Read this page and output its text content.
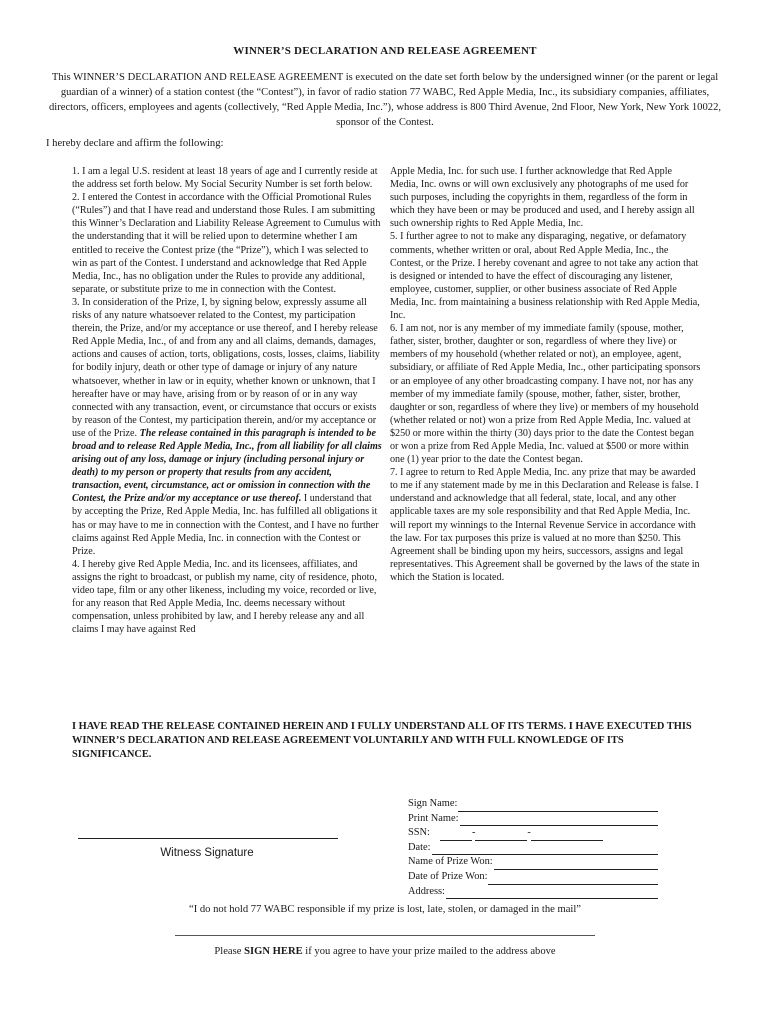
WINNER’S DECLARATION AND RELEASE AGREEMENT
This WINNER’S DECLARATION AND RELEASE AGREEMENT is executed on the date set forth below by the undersigned winner (or the parent or legal guardian of a winner) of a station contest (the “Contest”), in favor of radio station 77 WABC, Red Apple Media, Inc., its subsidiary companies, affiliates, directors, officers, employees and agents (collectively, “Red Apple Media, Inc.”), whose address is 800 Third Avenue, 2nd Floor, New York, New York 10022, sponsor of the Contest.
I hereby declare and affirm the following:

1. I am a legal U.S. resident at least 18 years of age and I currently reside at the address set forth below. My Social Security Number is set forth below.

2. I entered the Contest in accordance with the Official Promotional Rules (“Rules”) and that I have read and understand those Rules. I am submitting this Winner’s Declaration and Liability Release Agreement to Cumulus with the understanding that it will be relied upon to determine whether I am entitled to receive the Contest prize (the “Prize”), which I was selected to win as part of the Contest. I understand and acknowledge that Red Apple Media, Inc., has no obligation under the Rules to provide any additional, separate, or substitute prize to me in connection with the Contest.

3. In consideration of the Prize, I, by signing below, expressly assume all risks of any nature whatsoever related to the Contest, my participation therein, the Prize, and/or my acceptance or use thereof, and I hereby release Red Apple Media, Inc., of and from any and all claims, demands, damages, actions and causes of action, torts, obligations, costs, losses, claims, liability for bodily injury, death or other type of damage or injury of any nature whatsoever, whether in law or in equity, whether known or unknown, that I hereafter have or may have, arising from or by reason of or in any way connected with any transaction, event, or circumstance that occurs or exists by reason of the Contest, my participation therein, and/or my acceptance or use of the Prize. The release contained in this paragraph is intended to be broad and to release Red Apple Media, Inc., from all liability for all claims arising out of any loss, damage or injury (including personal injury or death) to my person or property that results from any accident, transaction, event, circumstance, act or omission in connection with the Contest, the Prize and/or my acceptance or use thereof. I understand that by accepting the Prize, Red Apple Media, Inc. has fulfilled all obligations it has or may have to me in connection with the Contest, and I have no further claims against Red Apple Media, Inc. in connection with the Contest or Prize.

4. I hereby give Red Apple Media, Inc. and its licensees, affiliates, and assigns the right to broadcast, or publish my name, city of residence, photo, video tape, film or any other likeness, including my voice, recorded or live, for any reason that Red Apple Media, Inc. deems necessary without compensation, unless prohibited by law, and I hereby release any and all claims I may have against Red

Apple Media, Inc. for such use. I further acknowledge that Red Apple Media, Inc. owns or will own exclusively any photographs of me used for such purposes, including the copyrights in them, regardless of the form in which they have been or may be produced and used, and I hereby assign all such ownership rights to Red Apple Media, Inc.

5. I further agree to not to make any disparaging, negative, or defamatory comments, whether written or oral, about Red Apple Media, Inc., the Contest, or the Prize. I hereby covenant and agree to not take any action that is designed or intended to have the effect of discouraging any listener, employee, customer, supplier, or other business associate of Red Apple Media, Inc. from maintaining a business relationship with Red Apple Media, Inc.

6. I am not, nor is any member of my immediate family (spouse, mother, father, sister, brother, daughter or son, regardless of where they live) or members of my household (whether related or not), an employee, agent, subsidiary, or affiliate of Red Apple Media, Inc., other participating sponsors or an employee of any other broadcasting company. I have not, nor has any member of my immediate family (spouse, mother, father, sister, brother, daughter or son, regardless of where they live) or members of my household (whether related or not) won a prize from Red Apple Media, Inc. valued at $250 or more within the thirty (30) days prior to the date the Contest began or won a prize from Red Apple Media, Inc. valued at $500 or more within one (1) year prior to the date the Contest began.

7. I agree to return to Red Apple Media, Inc. any prize that may be awarded to me if any statement made by me in this Declaration and Release is false. I understand and acknowledge that all federal, state, local, and any other applicable taxes are my sole responsibility and that Red Apple Media, Inc. will report my winnings to the Internal Revenue Service in accordance with the law. For tax purposes this prize is valued at no more than $250. This Agreement shall be binding upon my heirs, successors, assigns and legal representatives. This Agreement shall be governed by the laws of the state in which the Station is located.

I HAVE READ THE RELEASE CONTAINED HEREIN AND I FULLY UNDERSTAND ALL OF ITS TERMS. I HAVE EXECUTED THIS WINNER’S DECLARATION AND RELEASE AGREEMENT VOLUNTARILY AND WITH FULL KNOWLEDGE OF ITS SIGNIFICANCE.
Sign Name:
Print Name:
SSN:	-	-
Date:
Name of Prize Won:
Date of Prize Won:
Address:
Witness Signature
“I do not hold 77 WABC responsible if my prize is lost, late, stolen, or damaged in the mail”
Please SIGN HERE if you agree to have your prize mailed to the address above
